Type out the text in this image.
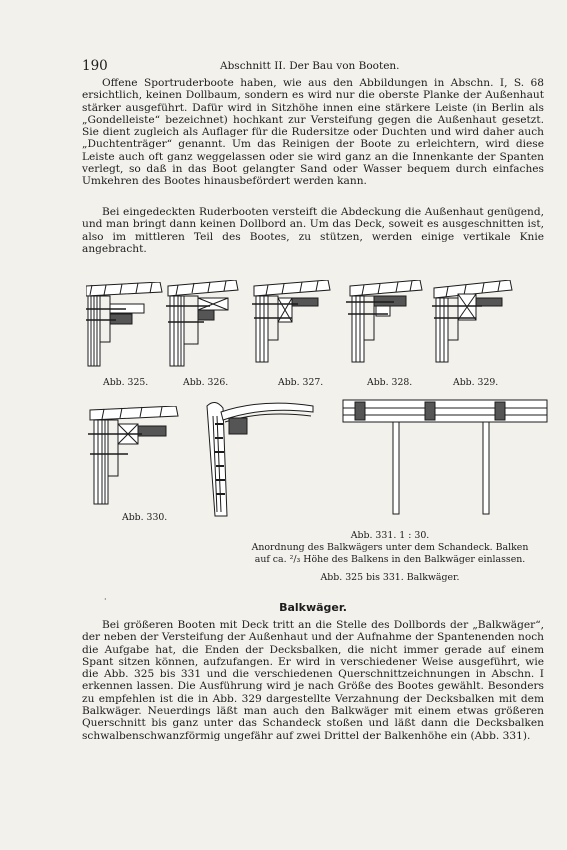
190	Abschnitt II. Der Bau von Booten.

Offene Sportruderboote haben, wie aus den Abbildungen in Abschn. I, S. 68 ersichtlich, keinen Dollbaum, sondern es wird nur die oberste Planke der Außenhaut stärker ausgeführt. Dafür wird in Sitzhöhe innen eine stärkere Leiste (in Berlin als „Gondelleiste“ bezeichnet) hochkant zur Versteifung gegen die Außenhaut gesetzt. Sie dient zugleich als Auflager für die Rudersitze oder Duchten und wird daher auch „Duchtenträger“ genannt. Um das Reinigen der Boote zu erleichtern, wird diese Leiste auch oft ganz weggelassen oder sie wird ganz an die Innenkante der Spanten verlegt, so daß in das Boot gelangter Sand oder Wasser bequem durch einfaches Umkehren des Bootes hinausbefördert werden kann.

Bei eingedeckten Ruderbooten versteift die Abdeckung die Außenhaut genügend, und man bringt dann keinen Dollbord an. Um das Deck, soweit es ausgeschnitten ist, also im mittleren Teil des Bootes, zu stützen, werden einige vertikale Knie angebracht.

Abb. 325.	Abb. 326.	Abb. 327.	Abb. 328.	Abb. 329.
Abb. 330.
Abb. 331. 1 : 30.
Anordnung des Balkwägers unter dem Schandeck. Balken
auf ca. ²/₃ Höhe des Balkens in den Balkwäger einlassen.
Abb. 325 bis 331. Balkwäger.
·
Balkwäger.

Bei größeren Booten mit Deck tritt an die Stelle des Dollbords der „Balkwäger“, der neben der Versteifung der Außenhaut und der Aufnahme der Spantenenden noch die Aufgabe hat, die Enden der Decksbalken, die nicht immer gerade auf einem Spant sitzen können, aufzufangen. Er wird in verschiedener Weise ausgeführt, wie die Abb. 325 bis 331 und die verschiedenen Querschnittzeichnungen in Abschn. I erkennen lassen. Die Ausführung wird je nach Größe des Bootes gewählt. Besonders zu empfehlen ist die in Abb. 329 dargestellte Verzahnung der Decksbalken mit dem Balkwäger. Neuerdings läßt man auch den Balkwäger mit einem etwas größeren Querschnitt bis ganz unter das Schandeck stoßen und läßt dann die Decksbalken schwalbenschwanzförmig ungefähr auf zwei Drittel der Balkenhöhe ein (Abb. 331).
